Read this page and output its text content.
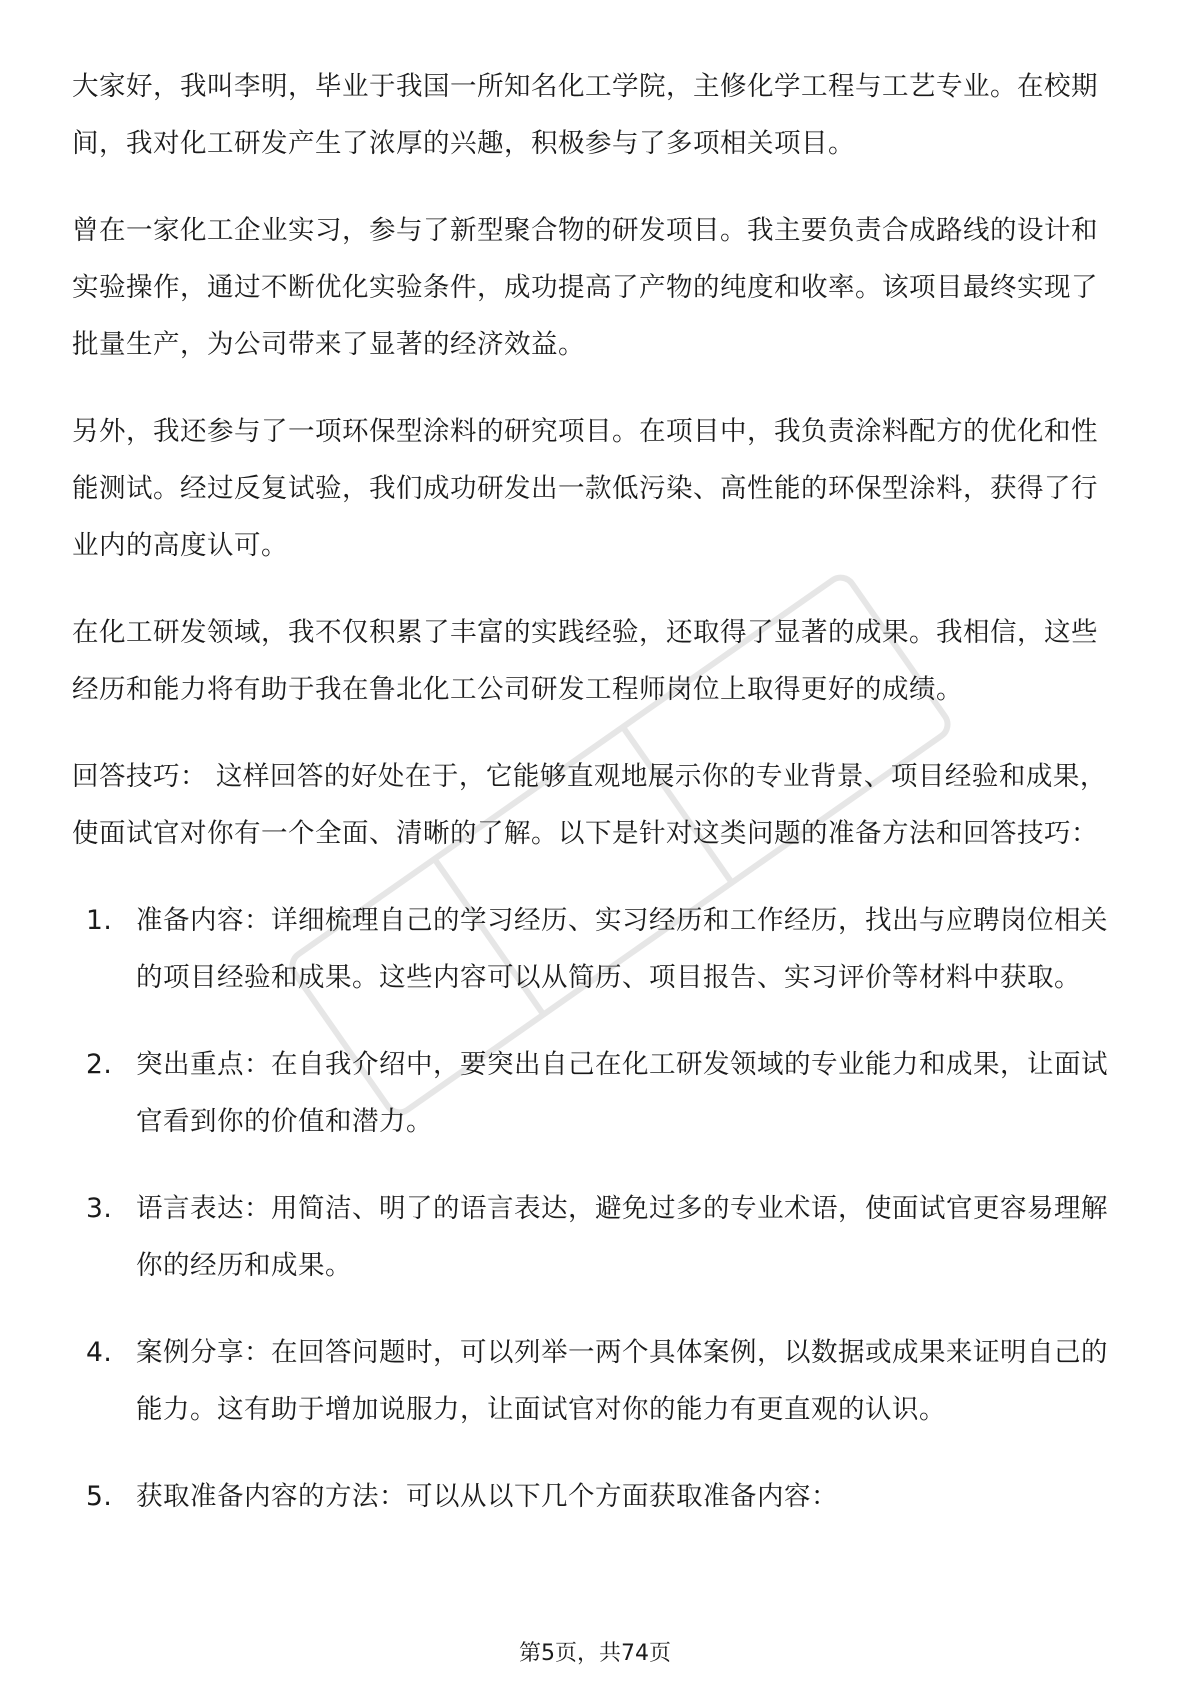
大家好，我叫李明，毕业于我国一所知名化工学院，主修化学工程与工艺专业。在校期间，我对化工研发产生了浓厚的兴趣，积极参与了多项相关项目。

曾在一家化工企业实习，参与了新型聚合物的研发项目。我主要负责合成路线的设计和实验操作，通过不断优化实验条件，成功提高了产物的纯度和收率。该项目最终实现了批量生产，为公司带来了显著的经济效益。

另外，我还参与了一项环保型涂料的研究项目。在项目中，我负责涂料配方的优化和性能测试。经过反复试验，我们成功研发出一款低污染、高性能的环保型涂料，获得了行业内的高度认可。

在化工研发领域，我不仅积累了丰富的实践经验，还取得了显著的成果。我相信，这些经历和能力将有助于我在鲁北化工公司研发工程师岗位上取得更好的成绩。

回答技巧： 这样回答的好处在于，它能够直观地展示你的专业背景、项目经验和成果，使面试官对你有一个全面、清晰的了解。以下是针对这类问题的准备方法和回答技巧：

1. 准备内容：详细梳理自己的学习经历、实习经历和工作经历，找出与应聘岗位相关的项目经验和成果。这些内容可以从简历、项目报告、实习评价等材料中获取。
2. 突出重点：在自我介绍中，要突出自己在化工研发领域的专业能力和成果，让面试官看到你的价值和潜力。
3. 语言表达：用简洁、明了的语言表达，避免过多的专业术语，使面试官更容易理解你的经历和成果。
4. 案例分享：在回答问题时，可以列举一两个具体案例，以数据或成果来证明自己的能力。这有助于增加说服力，让面试官对你的能力有更直观的认识。
5. 获取准备内容的方法：可以从以下几个方面获取准备内容：
第5页，共74页
